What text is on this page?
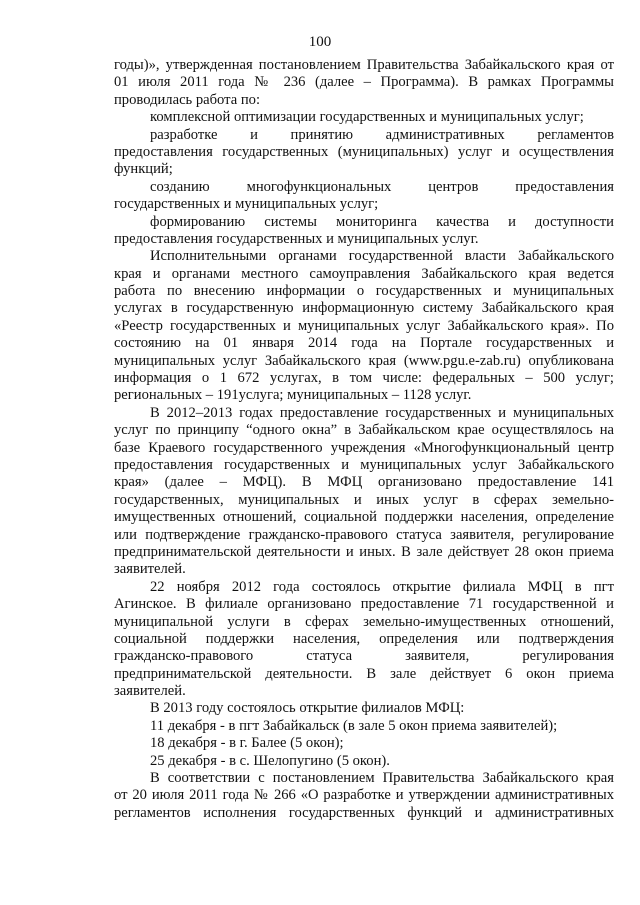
100
годы)», утвержденная постановлением Правительства Забайкальского края от
01 июля 2011 года № 236 (далее – Программа). В рамках Программы
проводилась работа по:
комплексной оптимизации государственных и муниципальных услуг;
разработке и принятию административных регламентов
предоставления государственных (муниципальных) услуг и осуществления
функций;
созданию многофункциональных центров предоставления
государственных и муниципальных услуг;
формированию системы мониторинга качества и доступности
предоставления государственных и муниципальных услуг.
Исполнительными органами государственной власти Забайкальского
края и органами местного самоуправления Забайкальского края ведется
работа по внесению информации о государственных и муниципальных
услугах в государственную информационную систему Забайкальского края
«Реестр государственных и муниципальных услуг Забайкальского края». По
состоянию на 01 января 2014 года на Портале государственных и
муниципальных услуг Забайкальского края (www.pgu.e-zab.ru) опубликована
информация о 1 672 услугах, в том числе: федеральных – 500 услуг;
региональных – 191услуга; муниципальных – 1128 услуг.
В 2012–2013 годах предоставление государственных и муниципальных
услуг по принципу “одного окна” в Забайкальском крае осуществлялось на
базе Краевого государственного учреждения «Многофункциональный центр
предоставления государственных и муниципальных услуг Забайкальского
края» (далее – МФЦ). В МФЦ организовано предоставление 141
государственных, муниципальных и иных услуг в сферах земельно-
имущественных отношений, социальной поддержки населения, определение
или подтверждение гражданско-правового статуса заявителя, регулирование
предпринимательской деятельности и иных. В зале действует 28 окон приема
заявителей.
22 ноября 2012 года состоялось открытие филиала МФЦ в пгт
Агинское. В филиале организовано предоставление 71 государственной и
муниципальной услуги в сферах земельно-имущественных отношений,
социальной поддержки населения, определения или подтверждения
гражданско-правового статуса заявителя, регулирования
предпринимательской деятельности. В зале действует 6 окон приема
заявителей.
В 2013 году состоялось открытие филиалов МФЦ:
11 декабря - в пгт Забайкальск (в зале 5 окон приема заявителей);
18 декабря - в г. Балее (5 окон);
25 декабря - в с. Шелопугино (5 окон).
В соответствии с постановлением Правительства Забайкальского края
от 20 июля 2011 года № 266 «О разработке и утверждении административных
регламентов исполнения государственных функций и административных
